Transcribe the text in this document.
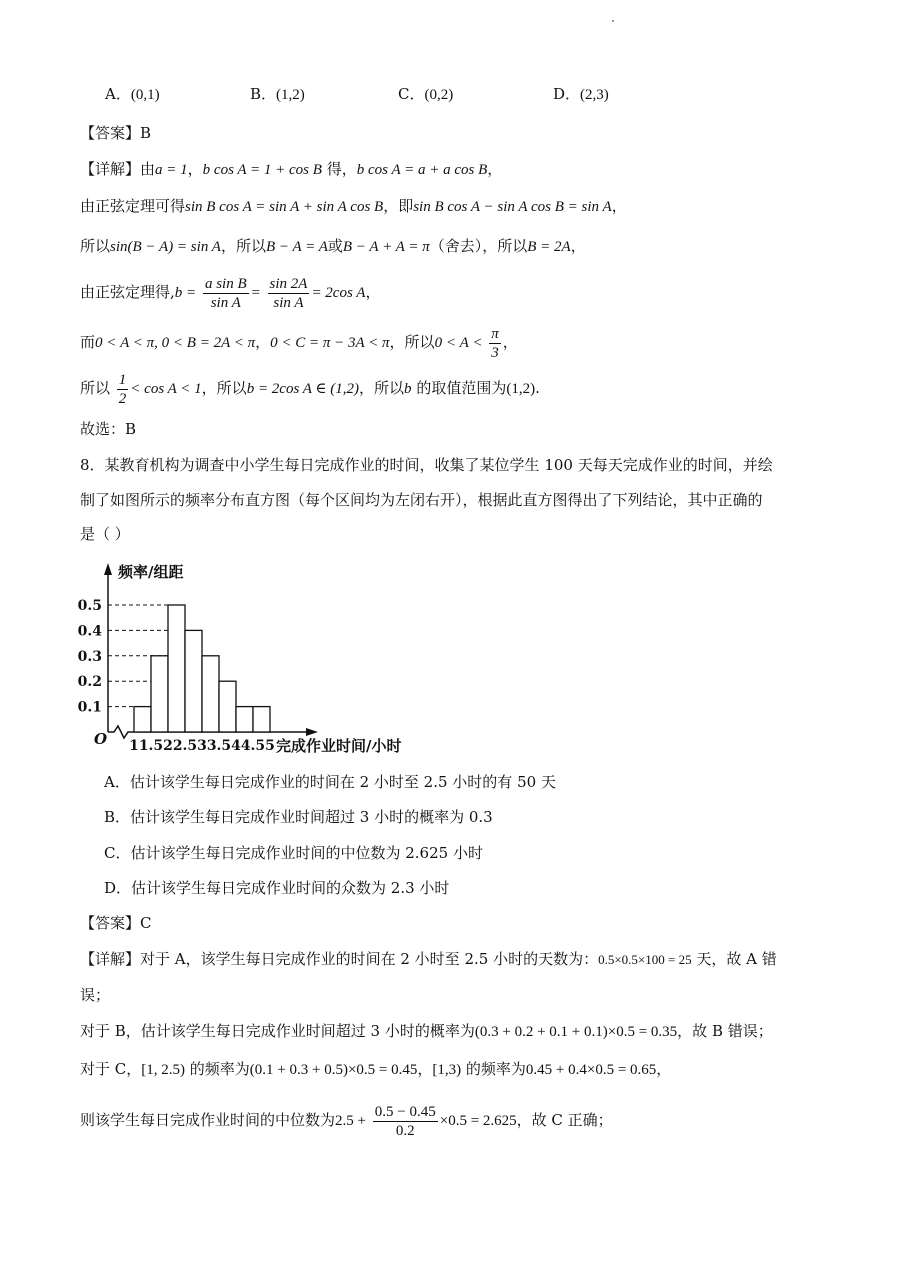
A．(0,1)	B．(1,2)	C．(0,2)	D．(2,3)
【答案】B
【详解】由a = 1，b cos A = 1 + cos B 得，b cos A = a + a cos B，
由正弦定理可得sin B cos A = sin A + sin A cos B，即sin B cos A − sin A cos B = sin A，
所以sin(B − A) = sin A，所以B − A = A或B − A + A = π（舍去），所以B = 2A，
由正弦定理得$,b = \frac{\text{a sin B}}{\text{sin A}} = \frac{\sin 2A}{\text{sin A}} = 2\cos$ A，
而0 < A < π, 0 < B = 2A < π，0 < C = π − 3A < π，所以$0 < A < \frac{\pi}{3}$ ，
所以 $\frac{1}{2} < \cos A < 1$，所以b = 2cos A ∈ (1,2)，所以b 的取值范围为(1,2).
故选：B
8．某教育机构为调查中小学生每日完成作业的时间，收集了某位学生 100 天每天完成作业的时间，并绘
制了如图所示的频率分布直方图（每个区间均为左闭右开），根据此直方图得出了下列结论，其中正确的
是（ ）
0.1
0.2
0.3
0.4
0.5
1 1.5 2 2.5 3 3.5 4 4.5 5
O
频率/组距
完成作业时间/小时
A．估计该学生每日完成作业的时间在 2 小时至 2.5 小时的有 50 天
B．估计该学生每日完成作业时间超过 3 小时的概率为 0.3
C．估计该学生每日完成作业时间的中位数为 2.625 小时
D．估计该学生每日完成作业时间的众数为 2.3 小时
【答案】C
【详解】对于 A，该学生每日完成作业的时间在 2 小时至 2.5 小时的天数为：0.5×0.5×100 = 25 天，故 A 错
误；
对于 B，估计该学生每日完成作业时间超过 3 小时的概率为(0.3 + 0.2 + 0.1 + 0.1)×0.5 = 0.35，故 B 错误；
对于 C，[1, 2.5) 的频率为(0.1 + 0.3 + 0.5)×0.5 = 0.45，[1,3) 的频率为0.45 + 0.4×0.5 = 0.65，
则该学生每日完成作业时间的中位数为$2.5 + \frac{0.5 - 0.45}{0.2} \times 0.5 = 2.625$，故 C 正确；
